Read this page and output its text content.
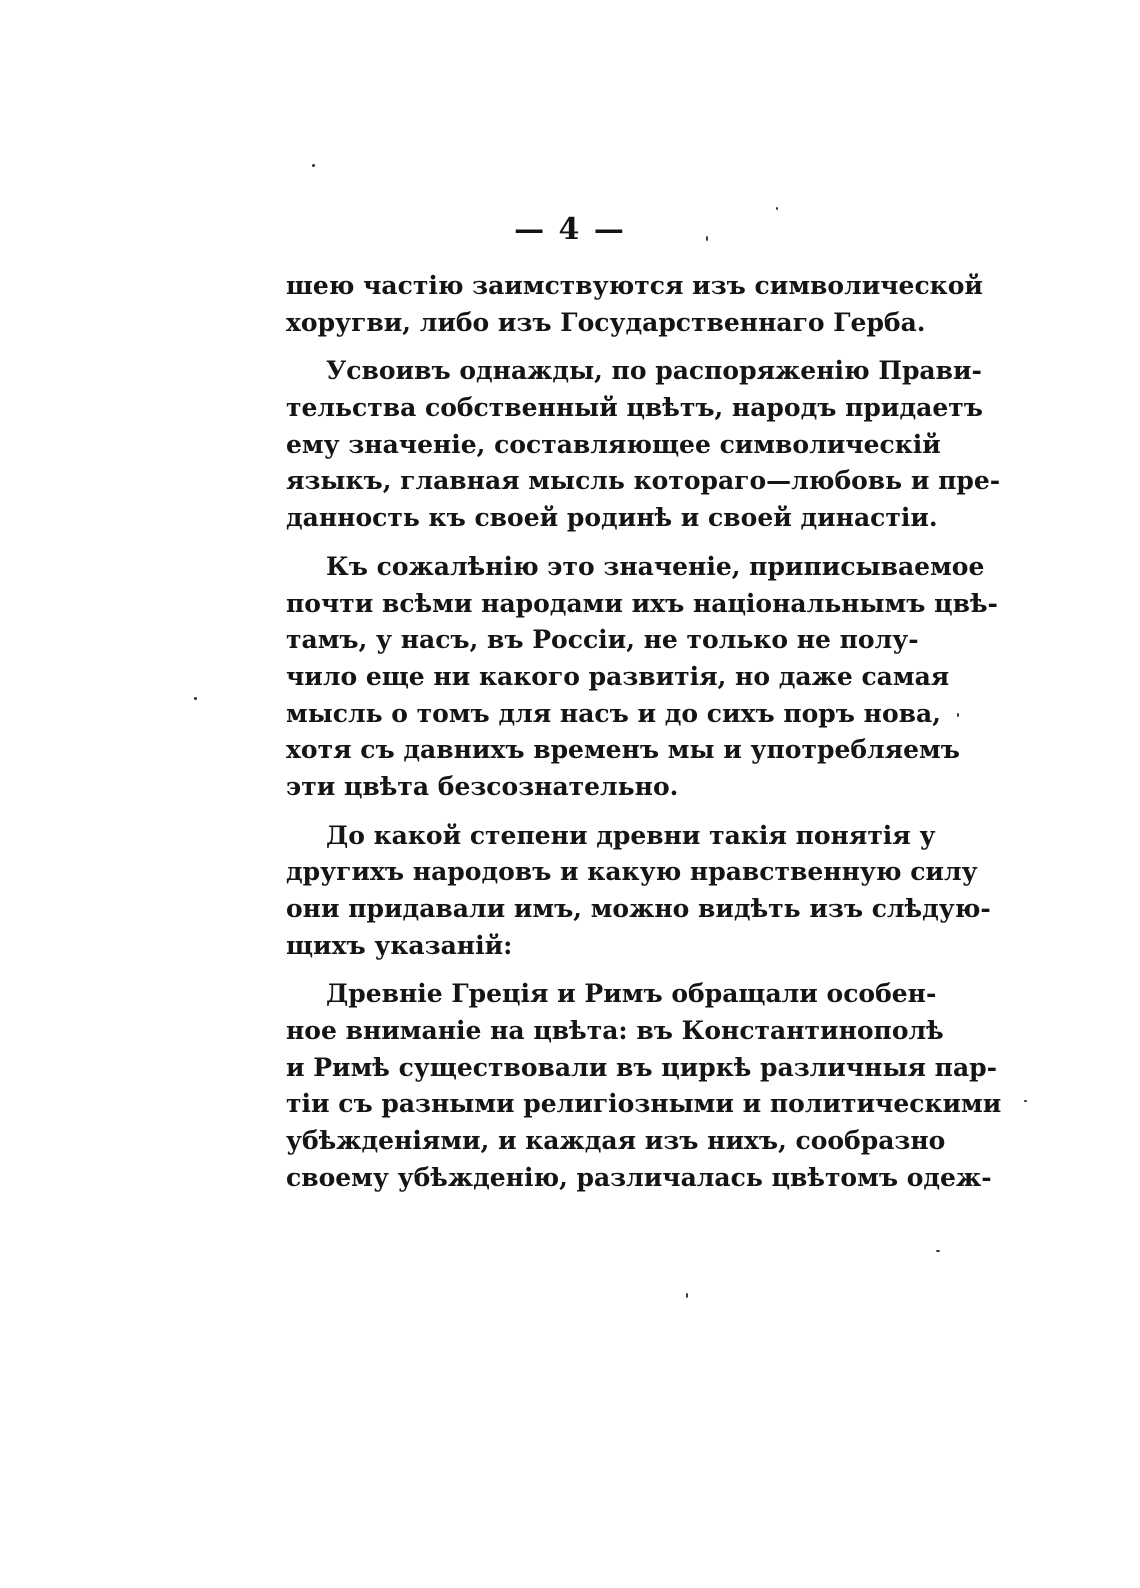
— 4 —
шею частію заимствуются изъ символической
хоругви, либо изъ Государственнаго Герба.
Усвоивъ однажды, по распоряженію Прави-
тельства собственный цвѣтъ, народъ придаетъ
ему значеніе, составляющее символическій
языкъ, главная мысль котораго—любовь и пре-
данность къ своей родинѣ и своей династіи.
Къ сожалѣнію это значеніе, приписываемое
почти всѣми народами ихъ національнымъ цвѣ-
тамъ, у насъ, въ Россіи, не только не полу-
чило еще ни какого развитія, но даже самая
мысль о томъ для насъ и до сихъ поръ нова,
хотя съ давнихъ временъ мы и употребляемъ
эти цвѣта безсознательно.
До какой степени древни такія понятія у
другихъ народовъ и какую нравственную силу
они придавали имъ, можно видѣть изъ слѣдую-
щихъ указаній:
Древніе Греція и Римъ обращали особен-
ное вниманіе на цвѣта: въ Константинополѣ
и Римѣ существовали въ циркѣ различныя пар-
тіи съ разными религіозными и политическими
убѣжденіями, и каждая изъ нихъ, сообразно
своему убѣжденію, различалась цвѣтомъ одеж-
